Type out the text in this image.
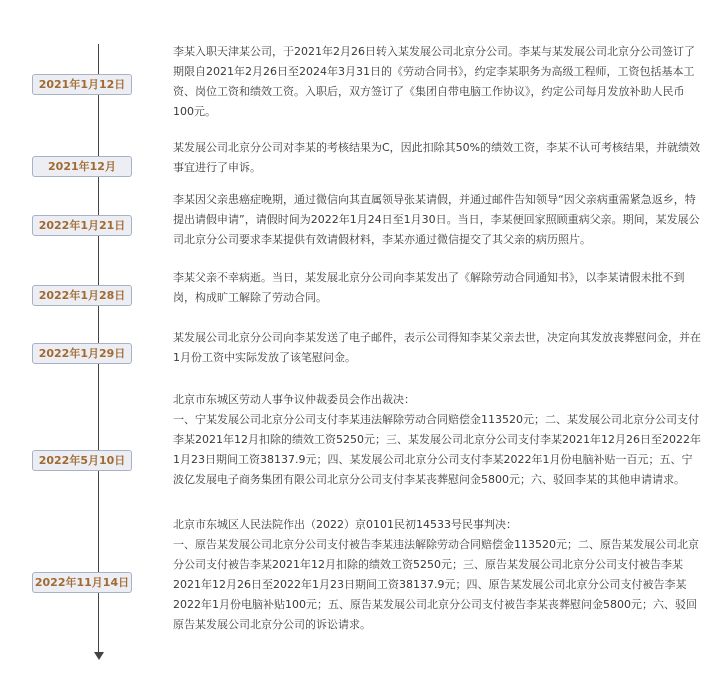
2021年1月12日
李某入职天津某公司，于2021年2月26日转入某发展公司北京分公司。李某与某发展公司北京分公司签订了期限自2021年2月26日至2024年3月31日的《劳动合同书》，约定李某职务为高级工程师，工资包括基本工资、岗位工资和绩效工资。入职后，双方签订了《集团自带电脑工作协议》，约定公司每月发放补助人民币100元。
2021年12月
某发展公司北京分公司对李某的考核结果为C，因此扣除其50%的绩效工资，李某不认可考核结果，并就绩效事宜进行了申诉。
2022年1月21日
李某因父亲患癌症晚期，通过微信向其直属领导张某请假，并通过邮件告知领导“因父亲病重需紧急返乡，特提出请假申请”，请假时间为2022年1月24日至1月30日。当日，李某便回家照顾重病父亲。期间，某发展公司北京分公司要求李某提供有效请假材料，李某亦通过微信提交了其父亲的病历照片。
2022年1月28日
李某父亲不幸病逝。当日，某发展北京分公司向李某发出了《解除劳动合同通知书》，以李某请假未批不到岗，构成旷工解除了劳动合同。
2022年1月29日
某发展公司北京分公司向李某发送了电子邮件，表示公司得知李某父亲去世，决定向其发放丧葬慰问金，并在1月份工资中实际发放了该笔慰问金。
2022年5月10日
北京市东城区劳动人事争议仲裁委员会作出裁决：
一、宁某发展公司北京分公司支付李某违法解除劳动合同赔偿金113520元；二、某发展公司北京分公司支付李某2021年12月扣除的绩效工资5250元；三、某发展公司北京分公司支付李某2021年12月26日至2022年1月23日期间工资38137.9元；四、某发展公司北京分公司支付李某2022年1月份电脑补贴一百元；五、宁波亿发展电子商务集团有限公司北京分公司支付李某丧葬慰问金5800元；六、驳回李某的其他申请请求。
2022年11月14日
北京市东城区人民法院作出（2022）京0101民初14533号民事判决：
一、原告某发展公司北京分公司支付被告李某违法解除劳动合同赔偿金113520元；二、原告某发展公司北京分公司支付被告李某2021年12月扣除的绩效工资5250元；三、原告某发展公司北京分公司支付被告李某2021年12月26日至2022年1月23日期间工资38137.9元；四、原告某发展公司北京分公司支付被告李某2022年1月份电脑补贴100元；五、原告某发展公司北京分公司支付被告李某丧葬慰问金5800元；六、驳回原告某发展公司北京分公司的诉讼请求。
